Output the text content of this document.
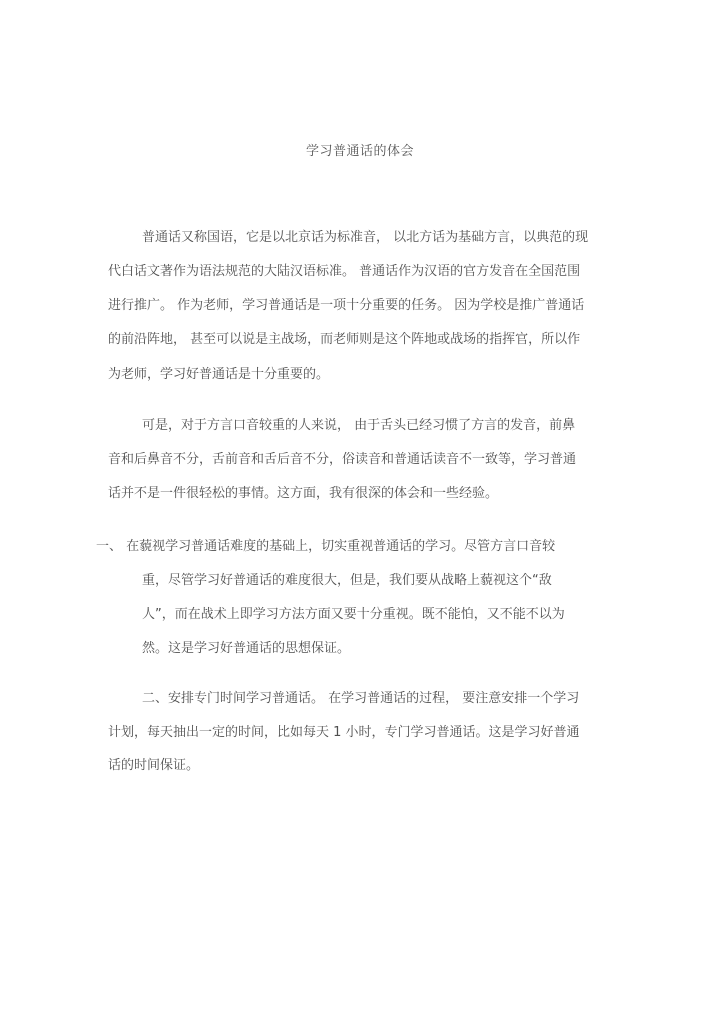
学习普通话的体会
普通话又称国语，它是以北京话为标准音， 以北方话为基础方言，以典范的现
代白话文著作为语法规范的大陆汉语标准。 普通话作为汉语的官方发音在全国范围
进行推广。 作为老师，学习普通话是一项十分重要的任务。 因为学校是推广普通话
的前沿阵地， 甚至可以说是主战场，而老师则是这个阵地或战场的指挥官，所以作
为老师，学习好普通话是十分重要的。
可是，对于方言口音较重的人来说， 由于舌头已经习惯了方言的发音，前鼻
音和后鼻音不分，舌前音和舌后音不分，俗读音和普通话读音不一致等，学习普通
话并不是一件很轻松的事情。这方面，我有很深的体会和一些经验。
一、 在藐视学习普通话难度的基础上，切实重视普通话的学习。尽管方言口音较
重，尽管学习好普通话的难度很大，但是，我们要从战略上藐视这个“敌
人”，而在战术上即学习方法方面又要十分重视。既不能怕，又不能不以为
然。这是学习好普通话的思想保证。
二、安排专门时间学习普通话。 在学习普通话的过程， 要注意安排一个学习
计划，每天抽出一定的时间，比如每天 1 小时，专门学习普通话。这是学习好普通
话的时间保证。
